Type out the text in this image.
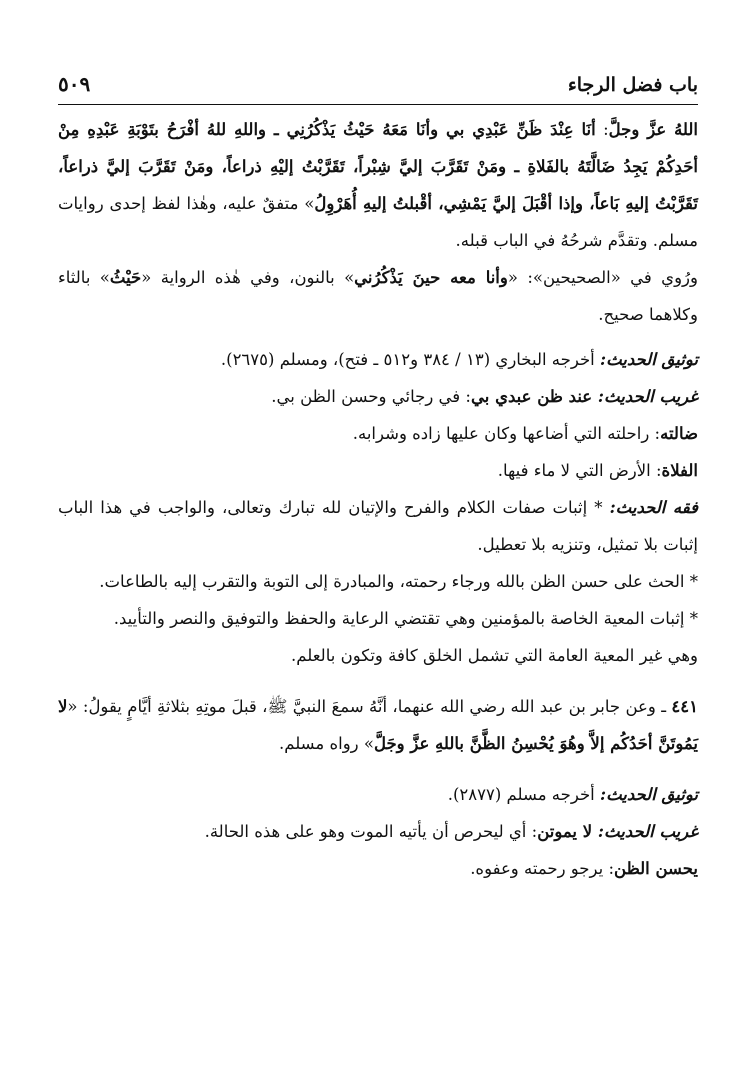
باب فضل الرجاء
٥٠٩

اللهُ عزَّ وجلَّ: أنَا عِنْدَ ظَنِّ عَبْدِي بي وأنَا مَعَهُ حَيْثُ يَذْكُرُنِي ـ واللهِ للهُ أفْرَحُ بتَوْبَةِ عَبْدِهِ مِنْ أحَدِكُمْ يَجِدُ ضَالَّتَهُ بالفَلاةِ ـ ومَنْ تَقَرَّبَ إليَّ شِبْراً، تَقَرَّبْتُ إليْهِ ذراعاً، ومَنْ تَقَرَّبَ إليَّ ذراعاً، تَقَرَّبْتُ إليهِ بَاعاً، وإذا أقْبَلَ إليَّ يَمْشِي، أقْبلتُ إليهِ أُهَرْوِلُ» متفقٌ عليه، وهٰذا لفظ إحدى روايات مسلم. وتقدَّم شرحُهُ في الباب قبله.

ورُوي في «الصحيحين»: «وأنا معه حينَ يَذْكُرُني» بالنون، وفي هٰذه الرواية «حَيْثُ» بالثاء وكلاهما صحيح.

توثيق الحديث: أخرجه البخاري (١٣ / ٣٨٤ و٥١٢ ـ فتح)، ومسلم (٢٦٧٥).

غريب الحديث: عند ظن عبدي بي: في رجائي وحسن الظن بي.

ضالته: راحلته التي أضاعها وكان عليها زاده وشرابه.

الفلاة: الأرض التي لا ماء فيها.

فقه الحديث: * إثبات صفات الكلام والفرح والإتيان لله تبارك وتعالى، والواجب في هذا الباب إثبات بلا تمثيل، وتنزيه بلا تعطيل.

* الحث على حسن الظن بالله ورجاء رحمته، والمبادرة إلى التوبة والتقرب إليه بالطاعات.

* إثبات المعية الخاصة بالمؤمنين وهي تقتضي الرعاية والحفظ والتوفيق والنصر والتأييد.

وهي غير المعية العامة التي تشمل الخلق كافة وتكون بالعلم.

٤٤١ ـ وعن جابر بن عبد الله رضي الله عنهما، أنَّهُ سمعَ النبيَّ ﷺ، قبلَ موتِهِ بثلاثةِ أيَّامٍ يقولُ: «لا يَمُوتَنَّ أحَدُكُم إلاَّ وهُوَ يُحْسِنُ الظَّنَّ باللهِ عزَّ وجَلَّ» رواه مسلم.

توثيق الحديث: أخرجه مسلم (٢٨٧٧).

غريب الحديث: لا يموتن: أي ليحرص أن يأتيه الموت وهو على هذه الحالة.

يحسن الظن: يرجو رحمته وعفوه.
